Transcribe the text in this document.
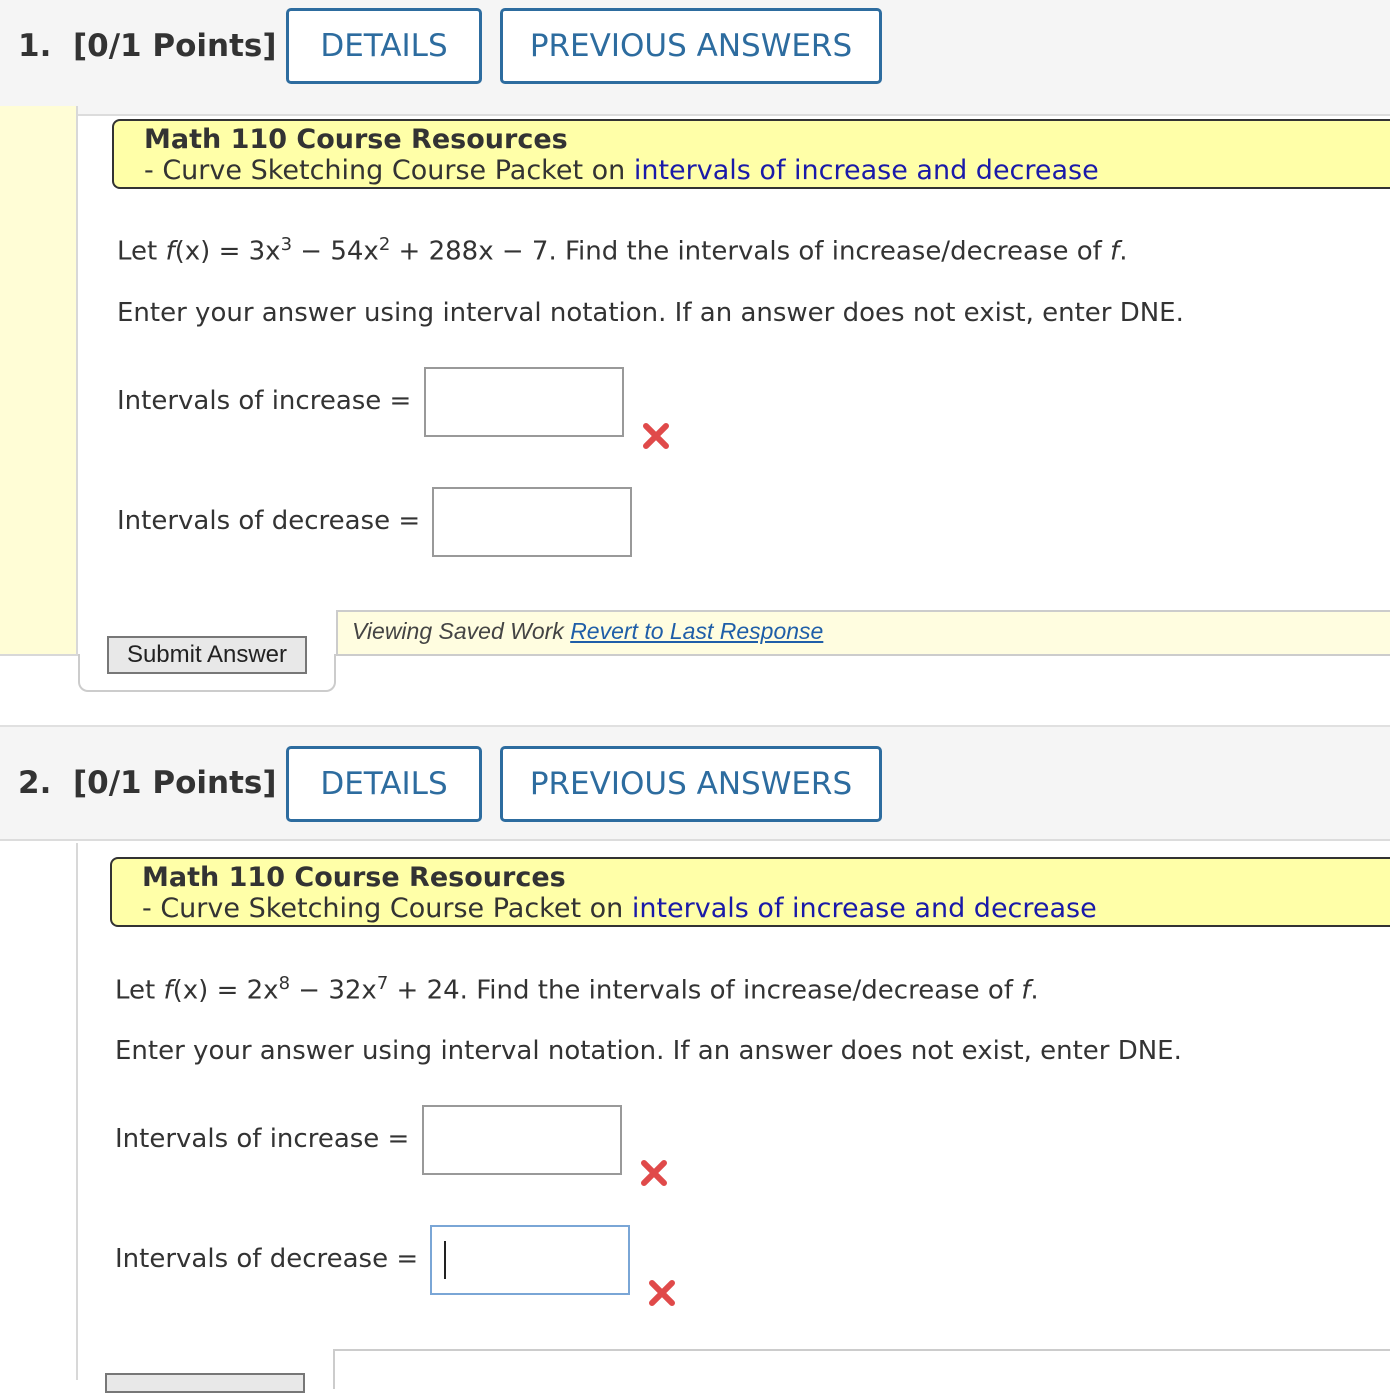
1. [0/1 Points]	DETAILS	PREVIOUS ANSWERS
Math 110 Course Resources
- Curve Sketching Course Packet on intervals of increase and decrease
Let $f(x) = 3x^3 - 54x^2 + 288x - 7$. Find the intervals of increase/decrease of f.
Enter your answer using interval notation. If an answer does not exist, enter DNE.
Intervals of increase =
Intervals of decrease =
Viewing Saved Work Revert to Last Response
Submit Answer
2. [0/1 Points]	DETAILS	PREVIOUS ANSWERS
Math 110 Course Resources
- Curve Sketching Course Packet on intervals of increase and decrease
Let $f(x) = 2x^8 - 32x^7 + 24$. Find the intervals of increase/decrease of f.
Enter your answer using interval notation. If an answer does not exist, enter DNE.
Intervals of increase =
Intervals of decrease =
